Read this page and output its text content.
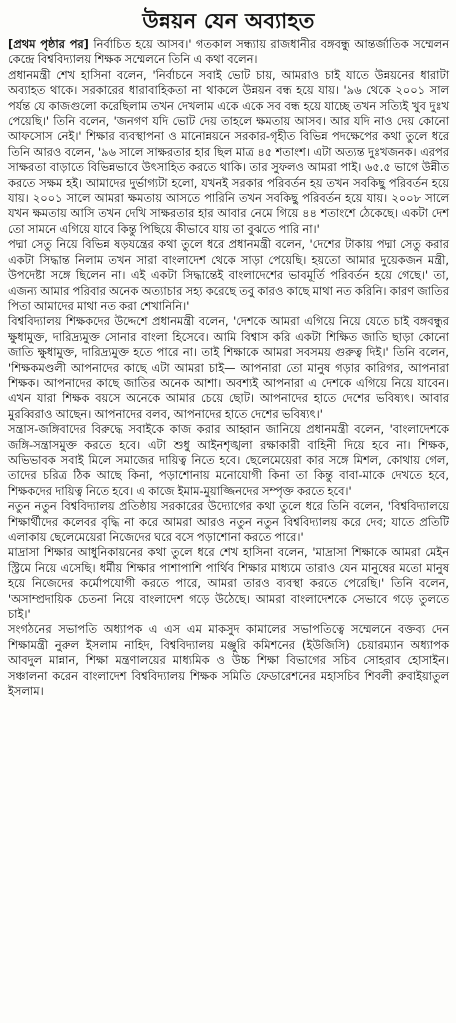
উন্নয়ন যেন অব্যাহত

[প্রথম পৃষ্ঠার পর] নির্বাচিত হয়ে আসব।' গতকাল সন্ধ্যায় রাজধানীর বঙ্গবন্ধু আন্তর্জাতিক সম্মেলন কেন্দ্রে বিশ্ববিদ্যালয় শিক্ষক সম্মেলনে তিনি এ কথা বলেন।

প্রধানমন্ত্রী শেখ হাসিনা বলেন, 'নির্বাচনে সবাই ভোট চায়, আমরাও চাই যাতে উন্নয়নের ধারাটা অব্যাহত থাকে। সরকারের ধারাবাহিকতা না থাকলে উন্নয়ন বন্ধ হয়ে যায়। '৯৬ থেকে ২০০১ সাল পর্যন্ত যে কাজগুলো করেছিলাম তখন দেখলাম একে একে সব বন্ধ হয়ে যাচ্ছে তখন সত্যিই খুব দুঃখ পেয়েছি।' তিনি বলেন, 'জনগণ যদি ভোট দেয় তাহলে ক্ষমতায় আসব। আর যদি নাও দেয় কোনো আফসোস নেই।' শিক্ষার ব্যবস্থাপনা ও মানোন্নয়নে সরকার-গৃহীত বিভিন্ন পদক্ষেপের কথা তুলে ধরে তিনি আরও বলেন, '৯৬ সালে সাক্ষরতার হার ছিল মাত্র ৪৫ শতাংশ। এটা অত্যন্ত দুঃখজনক। এরপর সাক্ষরতা বাড়াতে বিভিন্নভাবে উৎসাহিত করতে থাকি। তার সুফলও আমরা পাই। ৬৫.৫ ভাগে উন্নীত করতে সক্ষম হই। আমাদের দুর্ভাগ্যটা হলো, যখনই সরকার পরিবর্তন হয় তখন সবকিছু পরিবর্তন হয়ে যায়। ২০০১ সালে আমরা ক্ষমতায় আসতে পারিনি তখন সবকিছু পরিবর্তন হয়ে যায়। ২০০৮ সালে যখন ক্ষমতায় আসি তখন দেখি সাক্ষরতার হার আবার নেমে গিয়ে ৪৪ শতাংশে ঠেকেছে। একটা দেশ তো সামনে এগিয়ে যাবে কিন্তু পিছিয়ে কীভাবে যায় তা বুঝতে পারি না।'

পদ্মা সেতু নিয়ে বিভিন্ন ষড়যন্ত্রের কথা তুলে ধরে প্রধানমন্ত্রী বলেন, 'দেশের টাকায় পদ্মা সেতু করার একটা সিদ্ধান্ত নিলাম তখন সারা বাংলাদেশ থেকে সাড়া পেয়েছি। হয়তো আমার দুয়েকজন মন্ত্রী, উপদেষ্টা সঙ্গে ছিলেন না। এই একটা সিদ্ধান্তেই বাংলাদেশের ভাবমূর্তি পরিবর্তন হয়ে গেছে।' তা, এজন্য আমার পরিবার অনেক অত্যাচার সহ্য করেছে তবু কারও কাছে মাথা নত করিনি। কারণ জাতির পিতা আমাদের মাথা নত করা শেখানিনি।'

বিশ্ববিদ্যালয় শিক্ষকদের উদ্দেশে প্রধানমন্ত্রী বলেন, 'দেশকে আমরা এগিয়ে নিয়ে যেতে চাই বঙ্গবন্ধুর ক্ষুধামুক্ত, দারিদ্র্যমুক্ত সোনার বাংলা হিসেবে। আমি বিশ্বাস করি একটা শিক্ষিত জাতি ছাড়া কোনো জাতি ক্ষুধামুক্ত, দারিদ্র্যমুক্ত হতে পারে না। তাই শিক্ষাকে আমরা সবসময় গুরুত্ব দিই।' তিনি বলেন, 'শিক্ষকমণ্ডলী আপনাদের কাছে এটা আমরা চাই— আপনারা তো মানুষ গড়ার কারিগর, আপনারা শিক্ষক। আপনাদের কাছে জাতির অনেক আশা। অবশ্যই আপনারা এ দেশকে এগিয়ে নিয়ে যাবেন। এখন যারা শিক্ষক বয়সে অনেকে আমার চেয়ে ছোট। আপনাদের হাতে দেশের ভবিষ্যৎ। আবার মুরব্বিরাও আছেন। আপনাদের বলব, আপনাদের হাতে দেশের ভবিষ্যৎ।'

সন্ত্রাস-জঙ্গিবাদের বিরুদ্ধে সবাইকে কাজ করার আহ্বান জানিয়ে প্রধানমন্ত্রী বলেন, 'বাংলাদেশকে জঙ্গি-সন্ত্রাসমুক্ত করতে হবে। এটা শুধু আইনশৃঙ্খলা রক্ষাকারী বাহিনী দিয়ে হবে না। শিক্ষক, অভিভাবক সবাই মিলে সমাজের দায়িত্ব নিতে হবে। ছেলেমেয়েরা কার সঙ্গে মিশল, কোথায় গেল, তাদের চরিত্র ঠিক আছে কিনা, পড়াশোনায় মনোযোগী কিনা তা কিন্তু বাবা-মাকে দেখতে হবে, শিক্ষকদের দায়িত্ব নিতে হবে। এ কাজে ইমাম-মুয়াজ্জিনদের সম্পৃক্ত করতে হবে।'

নতুন নতুন বিশ্ববিদ্যালয় প্রতিষ্ঠায় সরকারের উদ্যোগের কথা তুলে ধরে তিনি বলেন, 'বিশ্ববিদ্যালয়ে শিক্ষার্থীদের কলেবর বৃদ্ধি না করে আমরা আরও নতুন নতুন বিশ্ববিদ্যালয় করে দেব; যাতে প্রতিটি এলাকায় ছেলেমেয়েরা নিজেদের ঘরে বসে পড়াশোনা করতে পারে।'

মাদ্রাসা শিক্ষার আধুনিকায়নের কথা তুলে ধরে শেখ হাসিনা বলেন, 'মাদ্রাসা শিক্ষাকে আমরা মেইন স্ট্রিমে নিয়ে এসেছি। ধর্মীয় শিক্ষার পাশাপাশি পার্থিব শিক্ষার মাধ্যমে তারাও যেন মানুষের মতো মানুষ হয়ে নিজেদের কর্মোপযোগী করতে পারে, আমরা তারও ব্যবস্থা করতে পেরেছি।' তিনি বলেন, 'অসাম্প্রদায়িক চেতনা নিয়ে বাংলাদেশ গড়ে উঠেছে। আমরা বাংলাদেশকে সেভাবে গড়ে তুলতে চাই।'

সংগঠনের সভাপতি অধ্যাপক এ এস এম মাকসুদ কামালের সভাপতিত্বে সম্মেলনে বক্তব্য দেন শিক্ষামন্ত্রী নুরুল ইসলাম নাহিদ, বিশ্ববিদ্যালয় মঞ্জুরি কমিশনের (ইউজিসি) চেয়ারম্যান অধ্যাপক আবদুল মান্নান, শিক্ষা মন্ত্রণালয়ের মাধ্যমিক ও উচ্চ শিক্ষা বিভাগের সচিব সোহরাব হোসাইন। সঞ্চালনা করেন বাংলাদেশ বিশ্ববিদ্যালয় শিক্ষক সমিতি ফেডারেশনের মহাসচিব শিবলী রুবাইয়াতুল ইসলাম।
